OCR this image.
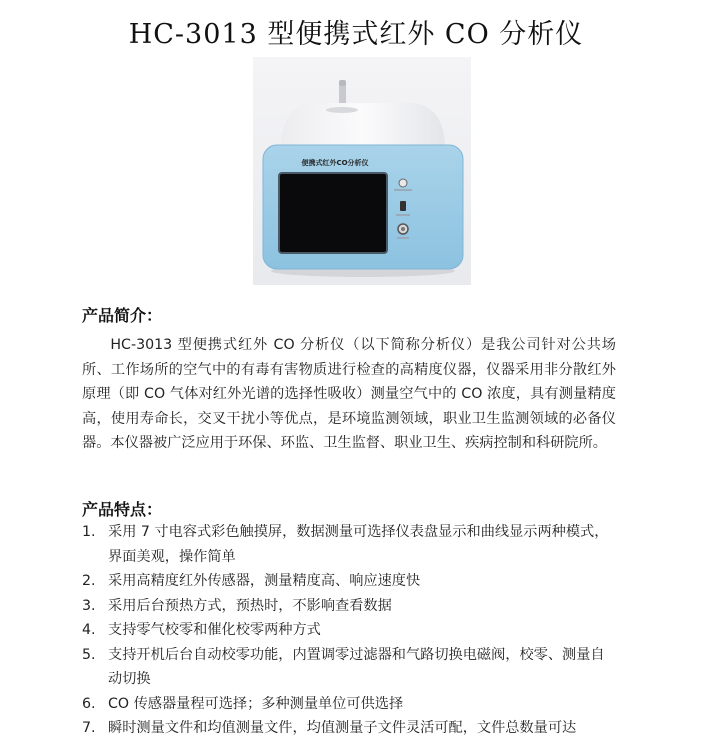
HC-3013 型便携式红外 CO 分析仪
便携式红外CO分析仪
产品简介：

HC-3013 型便携式红外 CO 分析仪（以下简称分析仪）是我公司针对公共场所、工作场所的空气中的有毒有害物质进行检查的高精度仪器，仪器采用非分散红外原理（即 CO 气体对红外光谱的选择性吸收）测量空气中的 CO 浓度，具有测量精度高，使用寿命长，交叉干扰小等优点，是环境监测领域，职业卫生监测领域的必备仪器。本仪器被广泛应用于环保、环监、卫生监督、职业卫生、疾病控制和科研院所。

产品特点：
1. 采用 7 寸电容式彩色触摸屏，数据测量可选择仪表盘显示和曲线显示两种模式，界面美观，操作简单
2. 采用高精度红外传感器，测量精度高、响应速度快
3. 采用后台预热方式，预热时，不影响查看数据
4. 支持零气校零和催化校零两种方式
5. 支持开机后台自动校零功能，内置调零过滤器和气路切换电磁阀，校零、测量自动切换
6. CO 传感器量程可选择；多种测量单位可供选择
7. 瞬时测量文件和均值测量文件，均值测量子文件灵活可配，文件总数量可达
